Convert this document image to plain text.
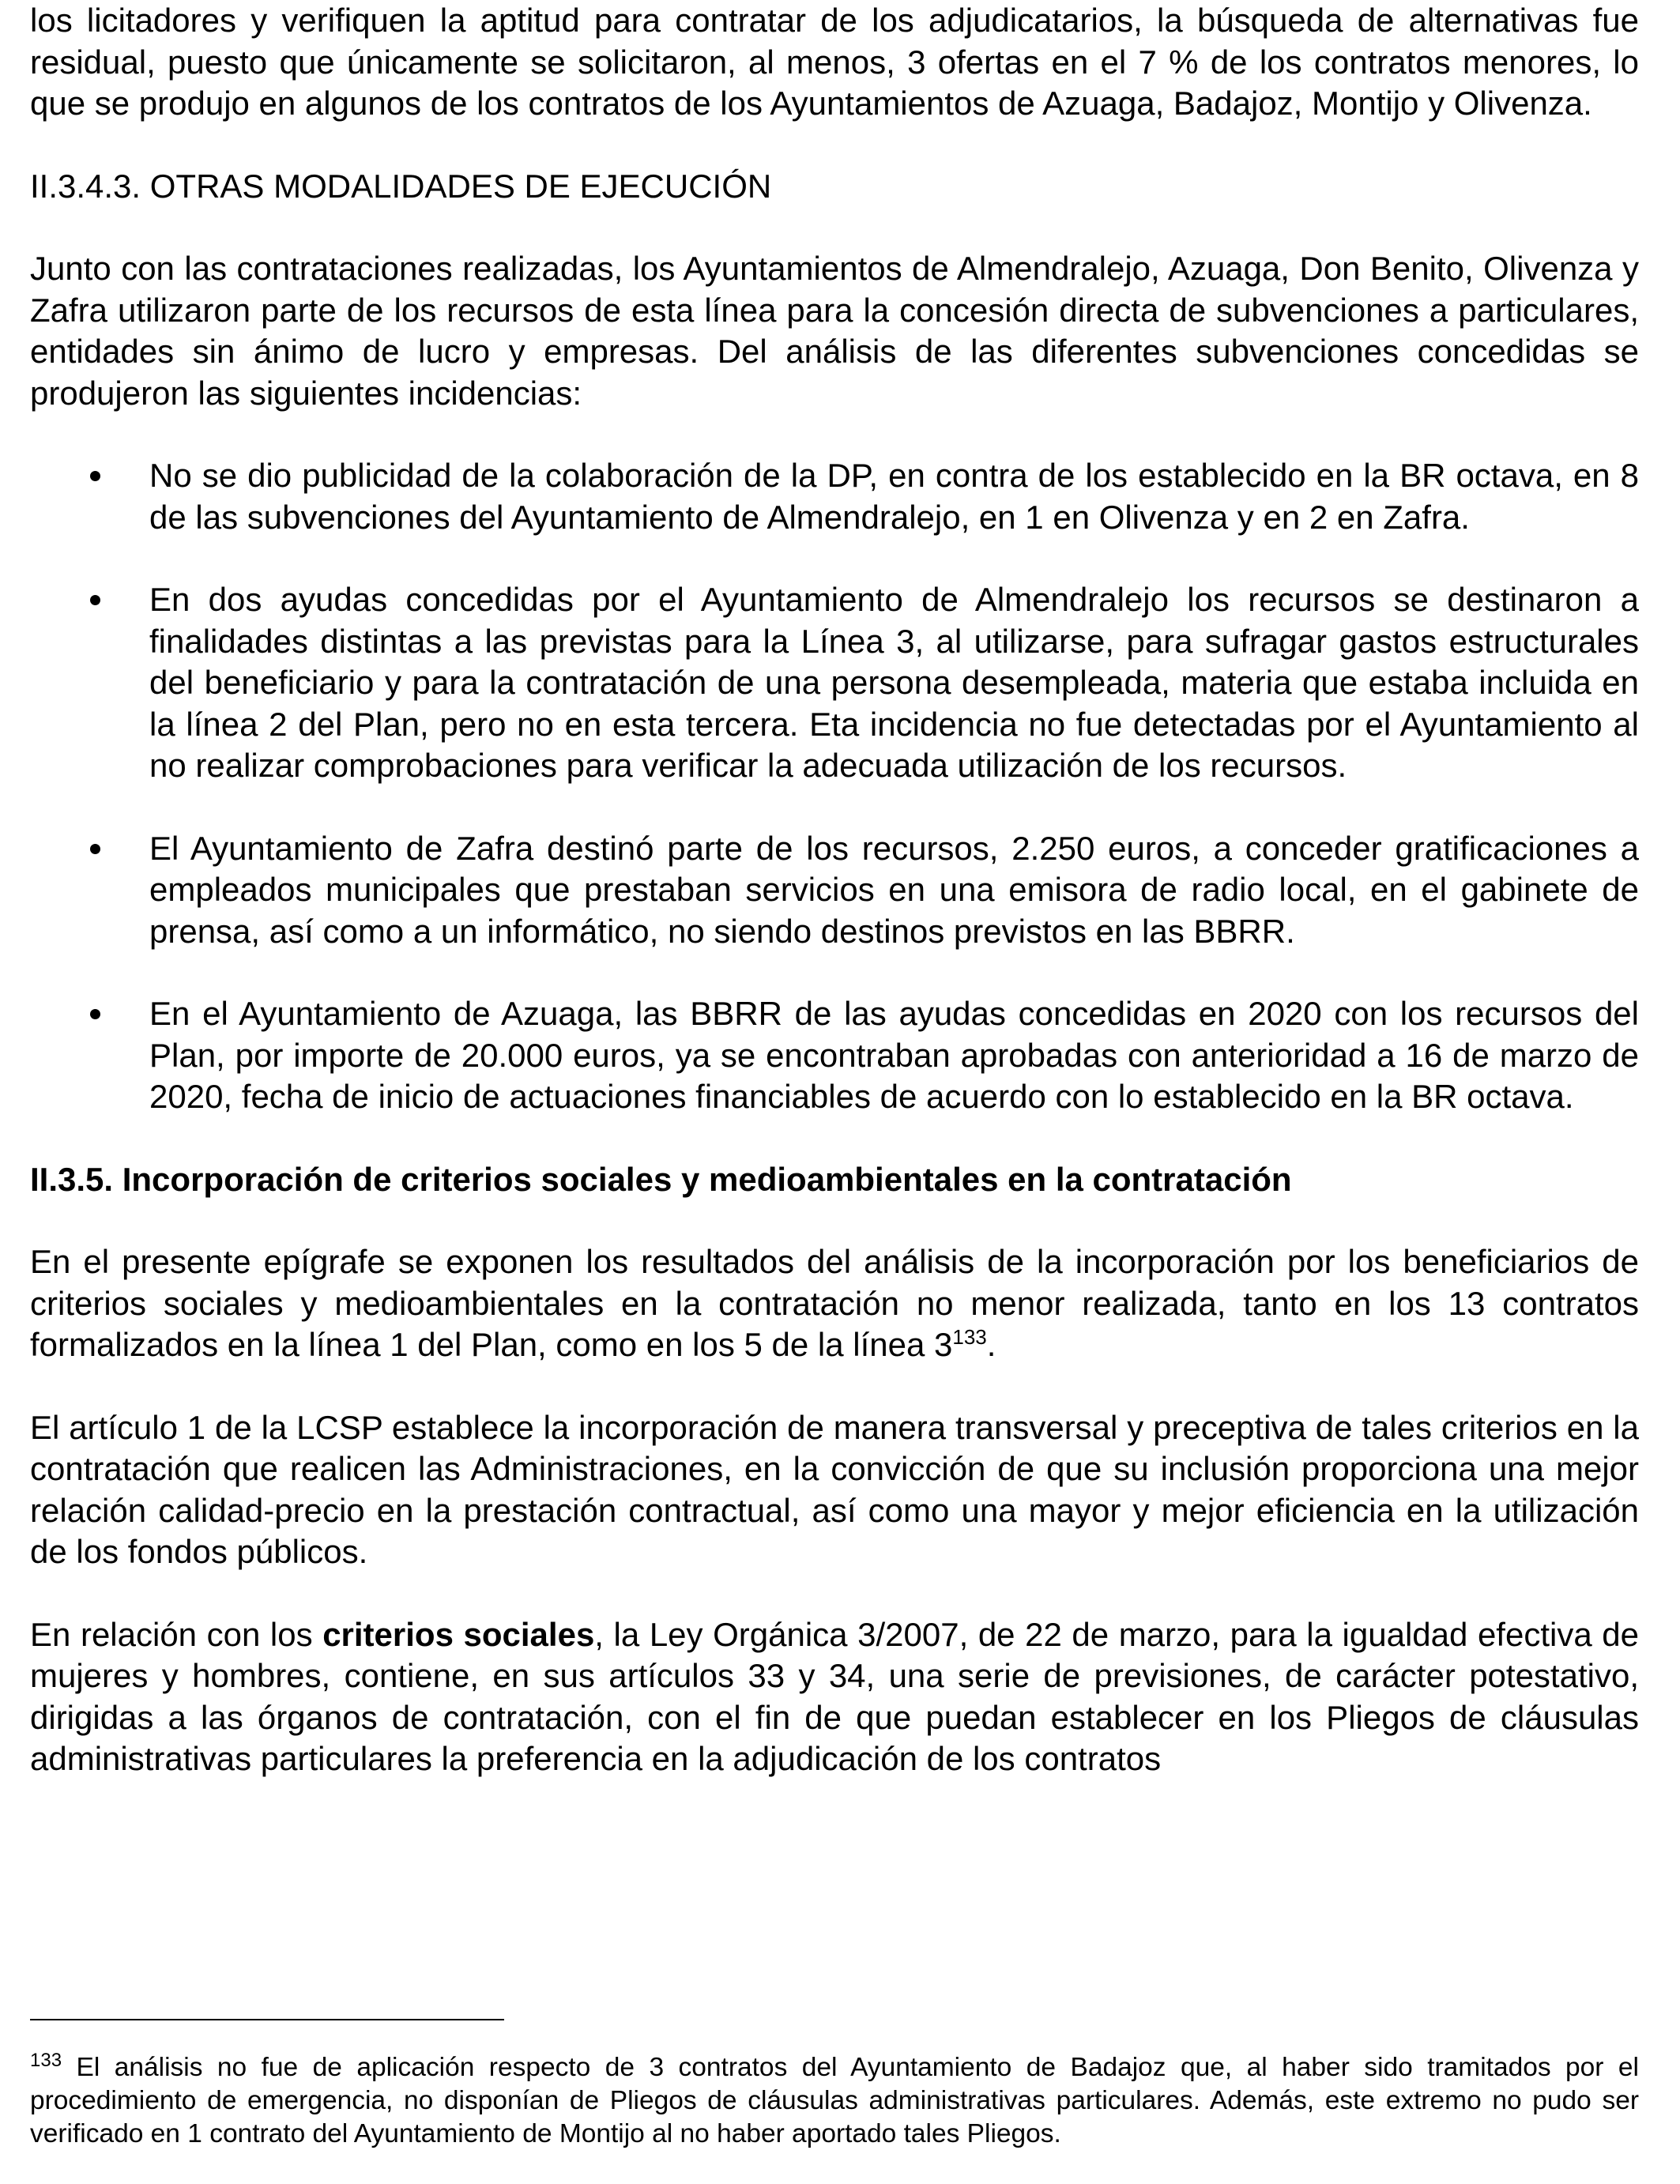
los licitadores y verifiquen la aptitud para contratar de los adjudicatarios, la búsqueda de alternativas fue residual, puesto que únicamente se solicitaron, al menos, 3 ofertas en el 7 % de los contratos menores, lo que se produjo en algunos de los contratos de los Ayuntamientos de Azuaga, Badajoz, Montijo y Olivenza.

II.3.4.3. OTRAS MODALIDADES DE EJECUCIÓN

Junto con las contrataciones realizadas, los Ayuntamientos de Almendralejo, Azuaga, Don Benito, Olivenza y Zafra utilizaron parte de los recursos de esta línea para la concesión directa de subvenciones a particulares, entidades sin ánimo de lucro y empresas. Del análisis de las diferentes subvenciones concedidas se produjeron las siguientes incidencias:

No se dio publicidad de la colaboración de la DP, en contra de los establecido en la BR octava, en 8 de las subvenciones del Ayuntamiento de Almendralejo, en 1 en Olivenza y en 2 en Zafra.
En dos ayudas concedidas por el Ayuntamiento de Almendralejo los recursos se destinaron a finalidades distintas a las previstas para la Línea 3, al utilizarse, para sufragar gastos estructurales del beneficiario y para la contratación de una persona desempleada, materia que estaba incluida en la línea 2 del Plan, pero no en esta tercera. Eta incidencia no fue detectadas por el Ayuntamiento al no realizar comprobaciones para verificar la adecuada utilización de los recursos.
El Ayuntamiento de Zafra destinó parte de los recursos, 2.250 euros, a conceder gratificaciones a empleados municipales que prestaban servicios en una emisora de radio local, en el gabinete de prensa, así como a un informático, no siendo destinos previstos en las BBRR.
En el Ayuntamiento de Azuaga, las BBRR de las ayudas concedidas en 2020 con los recursos del Plan, por importe de 20.000 euros, ya se encontraban aprobadas con anterioridad a 16 de marzo de 2020, fecha de inicio de actuaciones financiables de acuerdo con lo establecido en la BR octava.
II.3.5. Incorporación de criterios sociales y medioambientales en la contratación

En el presente epígrafe se exponen los resultados del análisis de la incorporación por los beneficiarios de criterios sociales y medioambientales en la contratación no menor realizada, tanto en los 13 contratos formalizados en la línea 1 del Plan, como en los 5 de la línea $3^{133}$.

El artículo 1 de la LCSP establece la incorporación de manera transversal y preceptiva de tales criterios en la contratación que realicen las Administraciones, en la convicción de que su inclusión proporciona una mejor relación calidad-precio en la prestación contractual, así como una mayor y mejor eficiencia en la utilización de los fondos públicos.

En relación con los criterios sociales, la Ley Orgánica 3/2007, de 22 de marzo, para la igualdad efectiva de mujeres y hombres, contiene, en sus artículos 33 y 34, una serie de previsiones, de carácter potestativo, dirigidas a las órganos de contratación, con el fin de que puedan establecer en los Pliegos de cláusulas administrativas particulares la preferencia en la adjudicación de los contratos

$^{133}$ El análisis no fue de aplicación respecto de 3 contratos del Ayuntamiento de Badajoz que, al haber sido tramitados por el procedimiento de emergencia, no disponían de Pliegos de cláusulas administrativas particulares. Además, este extremo no pudo ser verificado en 1 contrato del Ayuntamiento de Montijo al no haber aportado tales Pliegos.
